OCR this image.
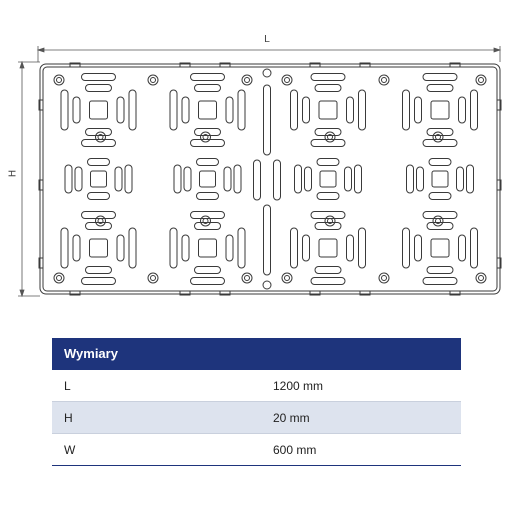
L
H
Wymiary
L	1200 mm
H	20 mm
W	600 mm
